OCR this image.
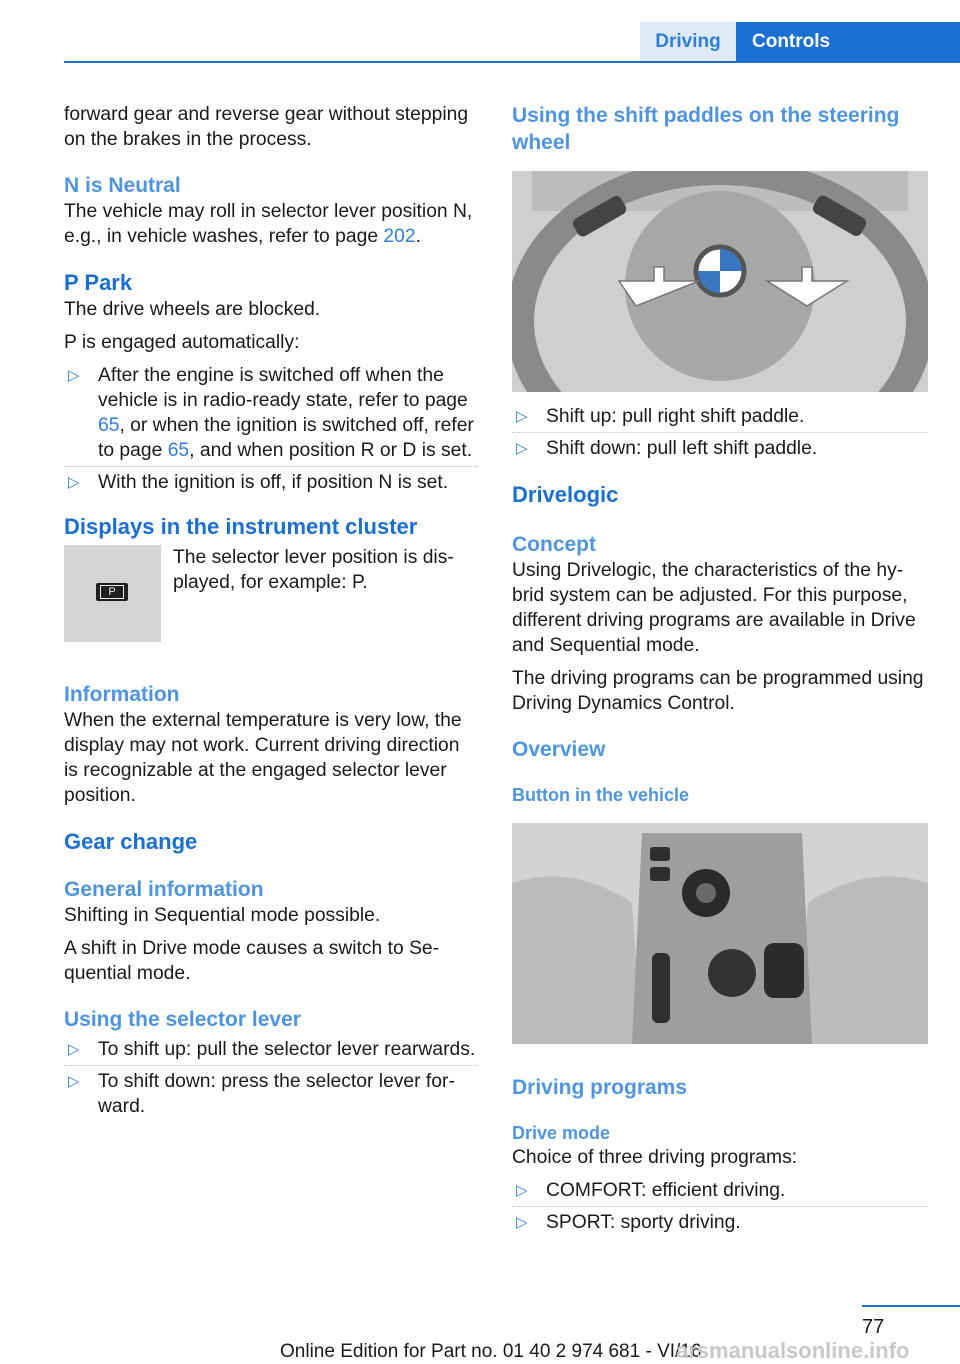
Driving	Controls

forward gear and reverse gear without stepping on the brakes in the process.

N is Neutral

The vehicle may roll in selector lever position N, e.g., in vehicle washes, refer to page 202.

P Park

The drive wheels are blocked.

P is engaged automatically:

▷ After the engine is switched off when the vehicle is in radio-ready state, refer to page 65, or when the ignition is switched off, refer to page 65, and when position R or D is set.
▷ With the ignition is off, if position N is set.
Displays in the instrument cluster
P

The selector lever position is displayed, for example: P.

Information

When the external temperature is very low, the display may not work. Current driving direction is recognizable at the engaged selector lever position.

Gear change
General information

Shifting in Sequential mode possible.

A shift in Drive mode causes a switch to Sequential mode.

Using the selector lever
▷ To shift up: pull the selector lever rearwards.
▷ To shift down: press the selector lever forward.
Using the shift paddles on the steering wheel
▷ Shift up: pull right shift paddle.
▷ Shift down: pull left shift paddle.
Drivelogic
Concept

Using Drivelogic, the characteristics of the hybrid system can be adjusted. For this purpose, different driving programs are available in Drive and Sequential mode.

The driving programs can be programmed using Driving Dynamics Control.

Overview
Button in the vehicle
Driving programs
Drive mode

Choice of three driving programs:

▷ COMFORT: efficient driving.
▷ SPORT: sporty driving.
77
Online Edition for Part no. 01 40 2 974 681 - VI/16
arsmanualsonline.info
